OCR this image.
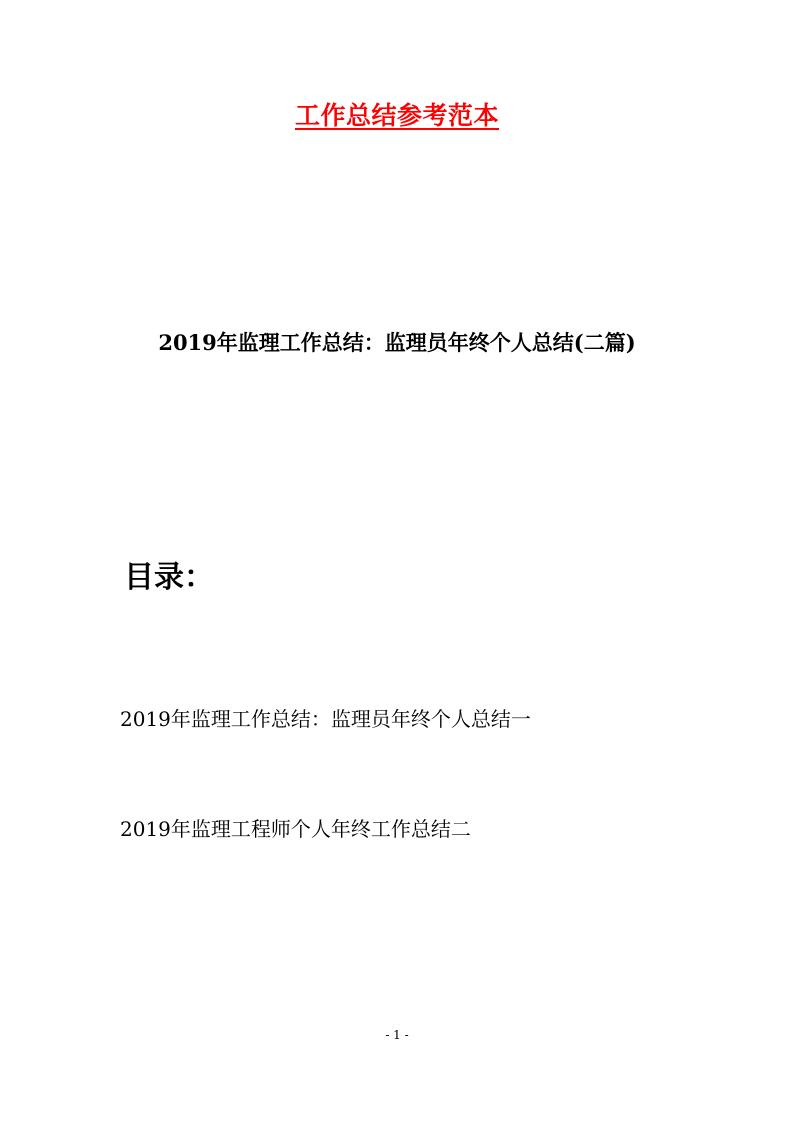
工作总结参考范本
2019年监理工作总结：监理员年终个人总结(二篇)
目录：
2019年监理工作总结：监理员年终个人总结一
2019年监理工程师个人年终工作总结二
- 1 -
